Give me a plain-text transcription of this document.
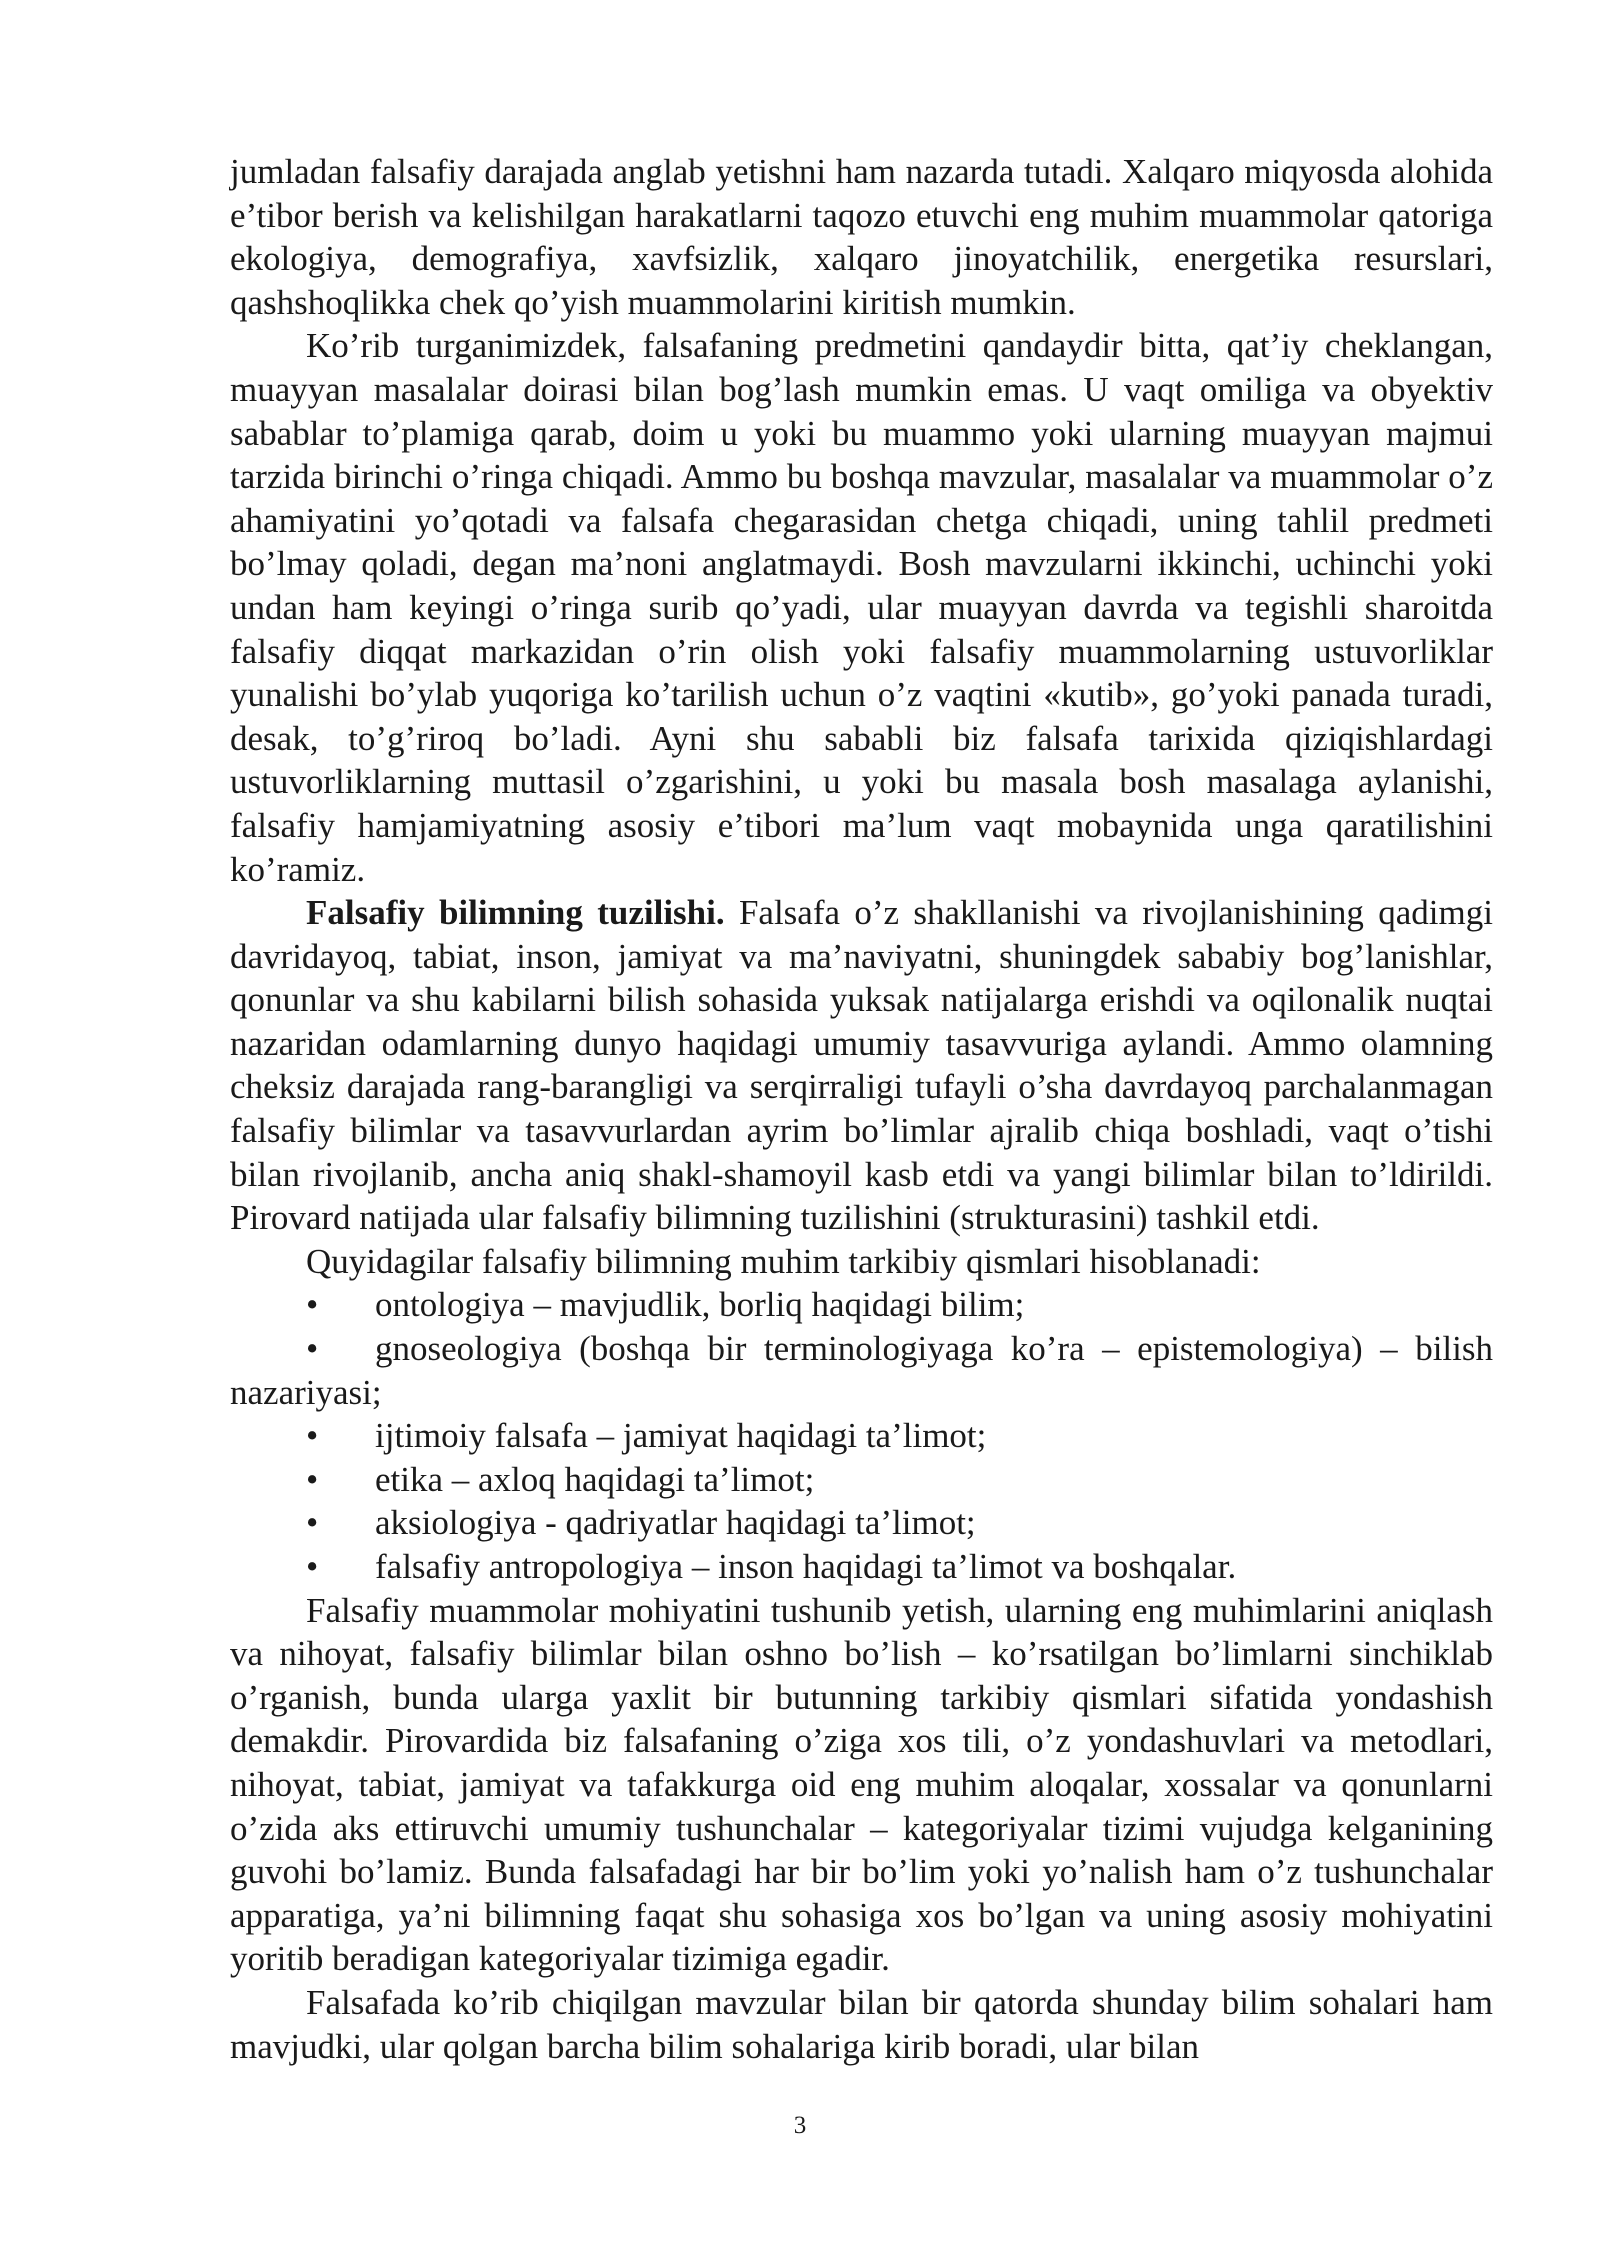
jumladan falsafiy darajada anglab yetishni ham nazarda tutadi. Xalqaro miqyosda alohida e’tibor berish va kelishilgan harakatlarni taqozo etuvchi eng muhim muammolar qatoriga ekologiya, demografiya, xavfsizlik, xalqaro jinoyatchilik, energetika resurslari, qashshoqlikka chek qo’yish muammolarini kiritish mumkin.

Ko’rib turganimizdek, falsafaning predmetini qandaydir bitta, qat’iy cheklangan, muayyan masalalar doirasi bilan bog’lash mumkin emas. U vaqt omiliga va obyektiv sabablar to’plamiga qarab, doim u yoki bu muammo yoki ularning muayyan majmui tarzida birinchi o’ringa chiqadi. Ammo bu boshqa mavzular, masalalar va muammolar o’z ahamiyatini yo’qotadi va falsafa chegarasidan chetga chiqadi, uning tahlil predmeti bo’lmay qoladi, degan ma’noni anglatmaydi. Bosh mavzularni ikkinchi, uchinchi yoki undan ham keyingi o’ringa surib qo’yadi, ular muayyan davrda va tegishli sharoitda falsafiy diqqat markazidan o’rin olish yoki falsafiy muammolarning ustuvorliklar yunalishi bo’ylab yuqoriga ko’tarilish uchun o’z vaqtini «kutib», go’yoki panada turadi, desak, to’g’riroq bo’ladi. Ayni shu sababli biz falsafa tarixida qiziqishlardagi ustuvorliklarning muttasil o’zgarishini, u yoki bu masala bosh masalaga aylanishi, falsafiy hamjamiyatning asosiy e’tibori ma’lum vaqt mobaynida unga qaratilishini ko’ramiz.

Falsafiy bilimning tuzilishi. Falsafa o’z shakllanishi va rivojlanishining qadimgi davridayoq, tabiat, inson, jamiyat va ma’naviyatni, shuningdek sababiy bog’lanishlar, qonunlar va shu kabilarni bilish sohasida yuksak natijalarga erishdi va oqilonalik nuqtai nazaridan odamlarning dunyo haqidagi umumiy tasavvuriga aylandi. Ammo olamning cheksiz darajada rang-barangligi va serqirraligi tufayli o’sha davrdayoq parchalanmagan falsafiy bilimlar va tasavvurlardan ayrim bo’limlar ajralib chiqa boshladi, vaqt o’tishi bilan rivojlanib, ancha aniq shakl-shamoyil kasb etdi va yangi bilimlar bilan to’ldirildi. Pirovard natijada ular falsafiy bilimning tuzilishini (strukturasini) tashkil etdi.

Quyidagilar falsafiy bilimning muhim tarkibiy qismlari hisoblanadi:

•	ontologiya – mavjudlik, borliq haqidagi bilim;

•	gnoseologiya (boshqa bir terminologiyaga ko’ra – epistemologiya) – bilish nazariyasi;

•	ijtimoiy falsafa – jamiyat haqidagi ta’limot;

•	etika – axloq haqidagi ta’limot;

•	aksiologiya - qadriyatlar haqidagi ta’limot;

•	falsafiy antropologiya – inson haqidagi ta’limot va boshqalar.

Falsafiy muammolar mohiyatini tushunib yetish, ularning eng muhimlarini aniqlash va nihoyat, falsafiy bilimlar bilan oshno bo’lish – ko’rsatilgan bo’limlarni sinchiklab o’rganish, bunda ularga yaxlit bir butunning tarkibiy qismlari sifatida yondashish demakdir. Pirovardida biz falsafaning o’ziga xos tili, o’z yondashuvlari va metodlari, nihoyat, tabiat, jamiyat va tafakkurga oid eng muhim aloqalar, xossalar va qonunlarni o’zida aks ettiruvchi umumiy tushunchalar – kategoriyalar tizimi vujudga kelganining guvohi bo’lamiz. Bunda falsafadagi har bir bo’lim yoki yo’nalish ham o’z tushunchalar apparatiga, ya’ni bilimning faqat shu sohasiga xos bo’lgan va uning asosiy mohiyatini yoritib beradigan kategoriyalar tizimiga egadir.

Falsafada ko’rib chiqilgan mavzular bilan bir qatorda shunday bilim sohalari ham mavjudki, ular qolgan barcha bilim sohalariga kirib boradi, ular bilan

3
